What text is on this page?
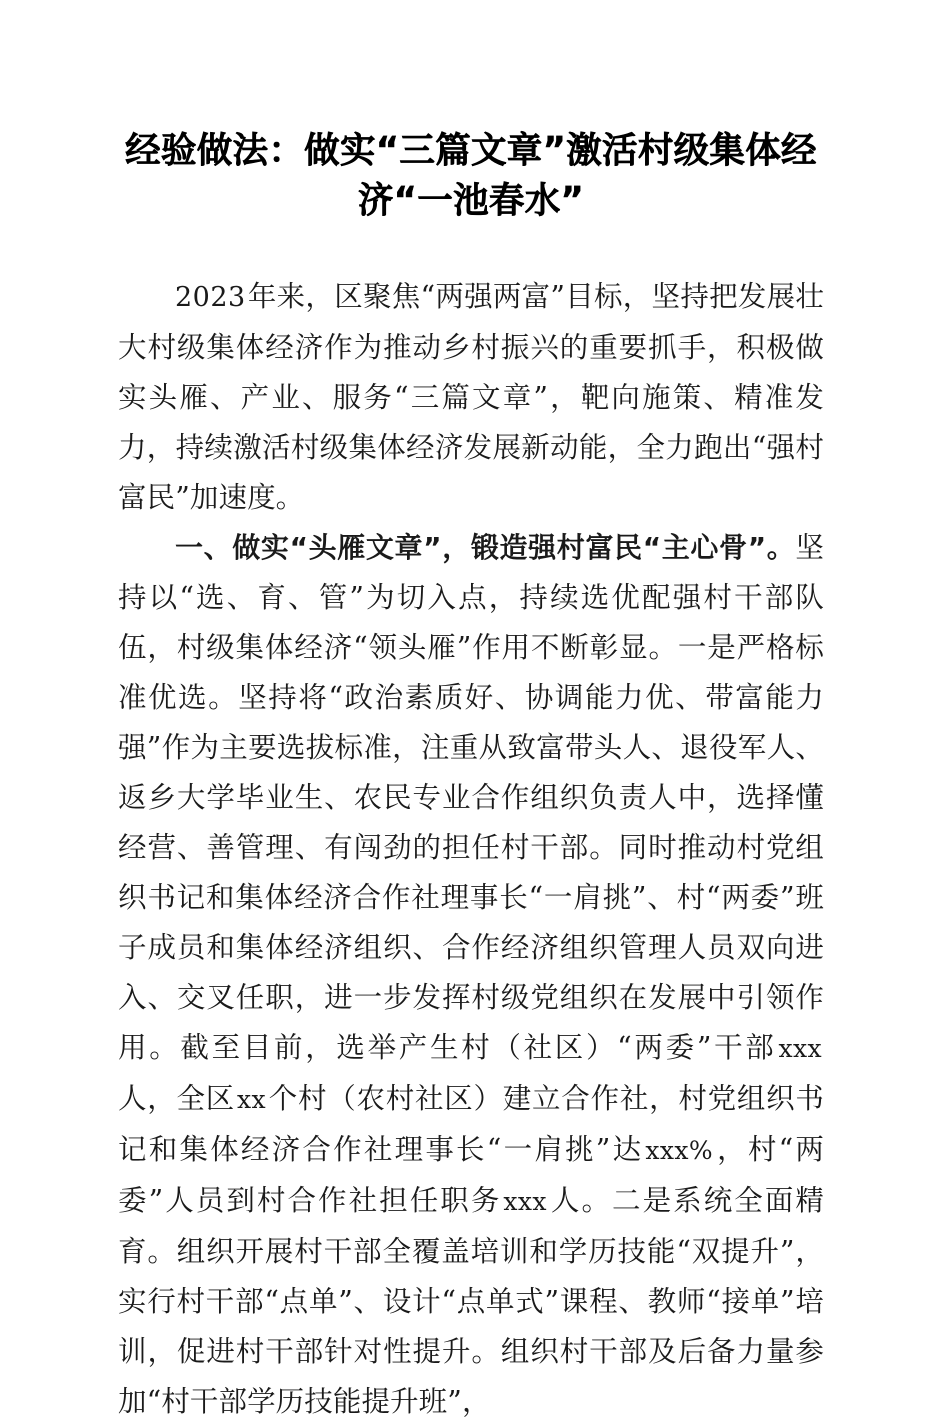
经验做法：做实“三篇文章”激活村级集体经
济“一池春水”

2023年来，区聚焦“两强两富”目标，坚持把发展壮大村级集体经济作为推动乡村振兴的重要抓手，积极做实头雁、产业、服务“三篇文章”，靶向施策、精准发力，持续激活村级集体经济发展新动能，全力跑出“强村富民”加速度。

一、做实“头雁文章”，锻造强村富民“主心骨”。坚持以“选、育、管”为切入点，持续选优配强村干部队伍，村级集体经济“领头雁”作用不断彰显。一是严格标准优选。坚持将“政治素质好、协调能力优、带富能力强”作为主要选拔标准，注重从致富带头人、退役军人、返乡大学毕业生、农民专业合作组织负责人中，选择懂经营、善管理、有闯劲的担任村干部。同时推动村党组织书记和集体经济合作社理事长“一肩挑”、村“两委”班子成员和集体经济组织、合作经济组织管理人员双向进入、交叉任职，进一步发挥村级党组织在发展中引领作用。截至目前，选举产生村（社区）“两委”干部xxx人，全区xx个村（农村社区）建立合作社，村党组织书记和集体经济合作社理事长“一肩挑”达xxx%，村“两委”人员到村合作社担任职务xxx人。二是系统全面精育。组织开展村干部全覆盖培训和学历技能“双提升”，实行村干部“点单”、设计“点单式”课程、教师“接单”培训，促进村干部针对性提升。组织村干部及后备力量参加“村干部学历技能提升班”，
